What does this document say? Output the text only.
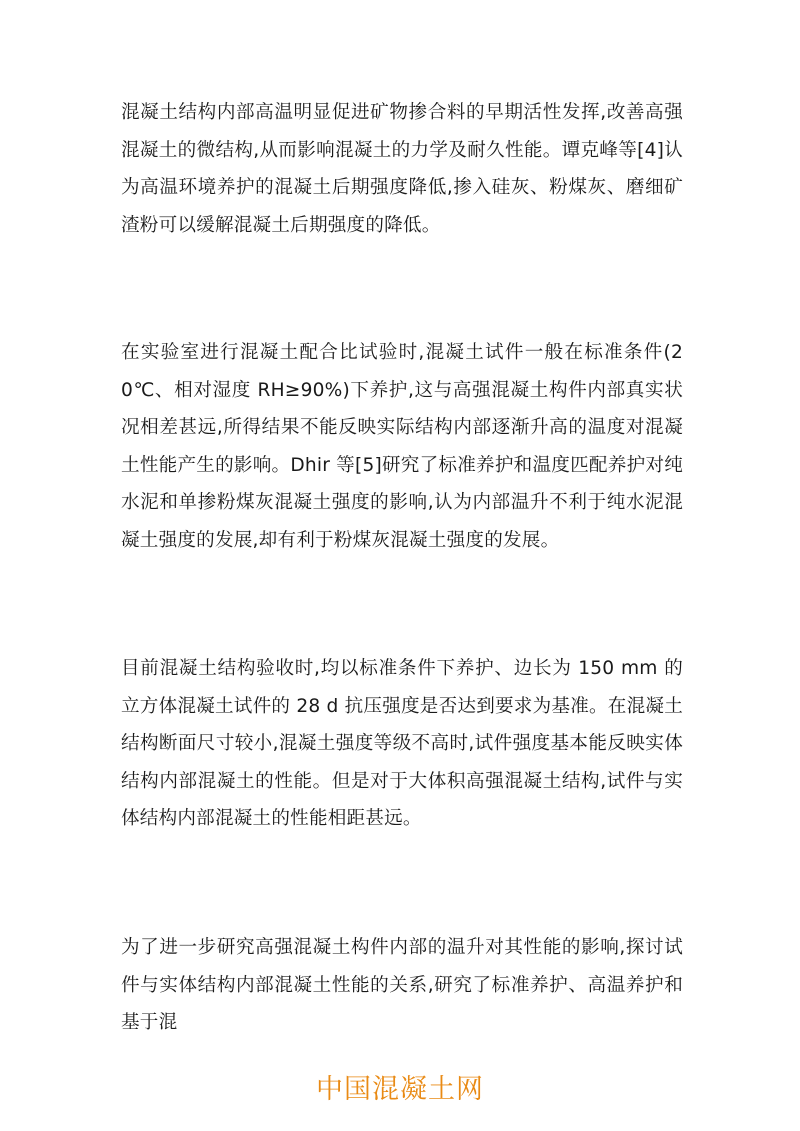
混凝土结构内部高温明显促进矿物掺合料的早期活性发挥,改善高强混凝土的微结构,从而影响混凝土的力学及耐久性能。谭克峰等[4]认为高温环境养护的混凝土后期强度降低,掺入硅灰、粉煤灰、磨细矿渣粉可以缓解混凝土后期强度的降低。

在实验室进行混凝土配合比试验时,混凝土试件一般在标准条件(20℃、相对湿度 RH≥90%)下养护,这与高强混凝土构件内部真实状况相差甚远,所得结果不能反映实际结构内部逐渐升高的温度对混凝土性能产生的影响。Dhir 等[5]研究了标准养护和温度匹配养护对纯水泥和单掺粉煤灰混凝土强度的影响,认为内部温升不利于纯水泥混凝土强度的发展,却有利于粉煤灰混凝土强度的发展。

目前混凝土结构验收时,均以标准条件下养护、边长为 150 mm 的立方体混凝土试件的 28 d 抗压强度是否达到要求为基准。在混凝土结构断面尺寸较小,混凝土强度等级不高时,试件强度基本能反映实体结构内部混凝土的性能。但是对于大体积高强混凝土结构,试件与实体结构内部混凝土的性能相距甚远。

为了进一步研究高强混凝土构件内部的温升对其性能的影响,探讨试件与实体结构内部混凝土性能的关系,研究了标准养护、高温养护和基于混

中国混凝土网
